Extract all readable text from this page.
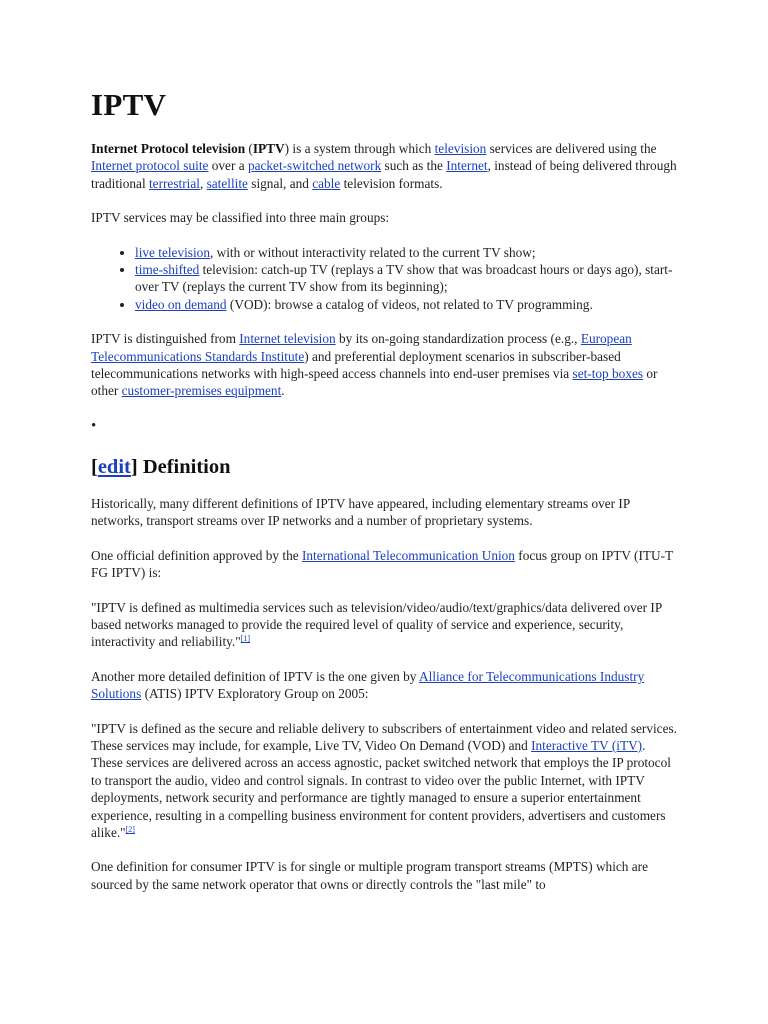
IPTV

Internet Protocol television (IPTV) is a system through which television services are delivered using the Internet protocol suite over a packet-switched network such as the Internet, instead of being delivered through traditional terrestrial, satellite signal, and cable television formats.

IPTV services may be classified into three main groups:

• live television, with or without interactivity related to the current TV show;
• time-shifted television: catch-up TV (replays a TV show that was broadcast hours or days ago), start-over TV (replays the current TV show from its beginning);
• video on demand (VOD): browse a catalog of videos, not related to TV programming.

IPTV is distinguished from Internet television by its on-going standardization process (e.g., European Telecommunications Standards Institute) and preferential deployment scenarios in subscriber-based telecommunications networks with high-speed access channels into end-user premises via set-top boxes or other customer-premises equipment.

•
[edit] Definition

Historically, many different definitions of IPTV have appeared, including elementary streams over IP networks, transport streams over IP networks and a number of proprietary systems.

One official definition approved by the International Telecommunication Union focus group on IPTV (ITU-T FG IPTV) is:

"IPTV is defined as multimedia services such as television/video/audio/text/graphics/data delivered over IP based networks managed to provide the required level of quality of service and experience, security, interactivity and reliability."[1]

Another more detailed definition of IPTV is the one given by Alliance for Telecommunications Industry Solutions (ATIS) IPTV Exploratory Group on 2005:

"IPTV is defined as the secure and reliable delivery to subscribers of entertainment video and related services. These services may include, for example, Live TV, Video On Demand (VOD) and Interactive TV (iTV). These services are delivered across an access agnostic, packet switched network that employs the IP protocol to transport the audio, video and control signals. In contrast to video over the public Internet, with IPTV deployments, network security and performance are tightly managed to ensure a superior entertainment experience, resulting in a compelling business environment for content providers, advertisers and customers alike."[2]

One definition for consumer IPTV is for single or multiple program transport streams (MPTS) which are sourced by the same network operator that owns or directly controls the "last mile" to
